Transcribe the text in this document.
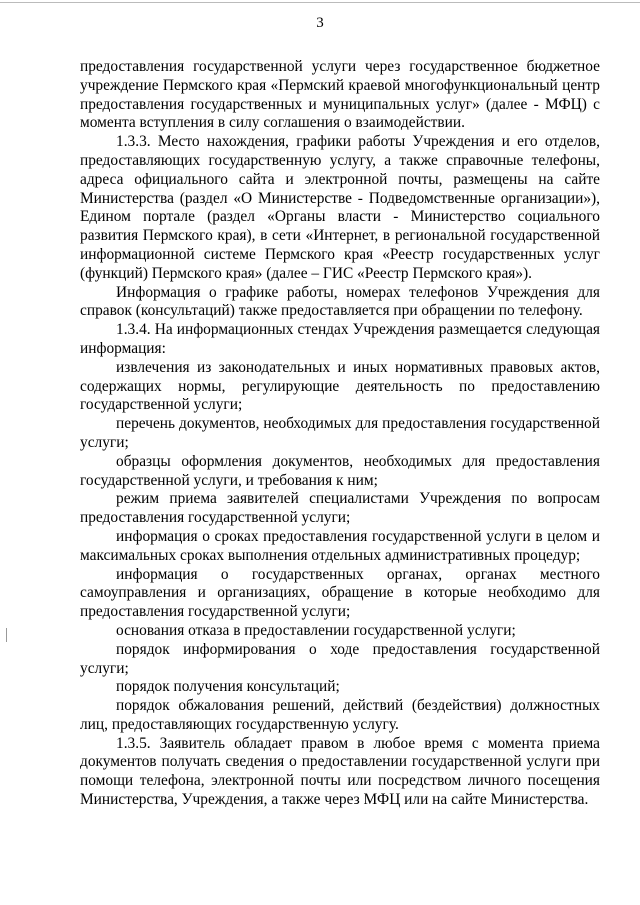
3

предоставления государственной услуги через государственное бюджетное учреждение Пермского края «Пермский краевой многофункциональный центр предоставления государственных и муниципальных услуг» (далее - МФЦ) с момента вступления в силу соглашения о взаимодействии.

1.3.3. Место нахождения, графики работы Учреждения и его отделов, предоставляющих государственную услугу, а также справочные телефоны, адреса официального сайта и электронной почты, размещены на сайте Министерства (раздел «О Министерстве - Подведомственные организации»), Едином портале (раздел «Органы власти - Министерство социального развития Пермского края), в сети «Интернет, в региональной государственной информационной системе Пермского края «Реестр государственных услуг (функций) Пермского края» (далее – ГИС «Реестр Пермского края»).

Информация о графике работы, номерах телефонов Учреждения для справок (консультаций) также предоставляется при обращении по телефону.

1.3.4. На информационных стендах Учреждения размещается следующая информация:

извлечения из законодательных и иных нормативных правовых актов, содержащих нормы, регулирующие деятельность по предоставлению государственной услуги;

перечень документов, необходимых для предоставления государственной услуги;

образцы оформления документов, необходимых для предоставления государственной услуги, и требования к ним;

режим приема заявителей специалистами Учреждения по вопросам предоставления государственной услуги;

информация о сроках предоставления государственной услуги в целом и максимальных сроках выполнения отдельных административных процедур;

информация о государственных органах, органах местного самоуправления и организациях, обращение в которые необходимо для предоставления государственной услуги;

основания отказа в предоставлении государственной услуги;

порядок информирования о ходе предоставления государственной услуги;

порядок получения консультаций;

порядок обжалования решений, действий (бездействия) должностных лиц, предоставляющих государственную услугу.

1.3.5. Заявитель обладает правом в любое время с момента приема документов получать сведения о предоставлении государственной услуги при помощи телефона, электронной почты или посредством личного посещения Министерства, Учреждения, а также через МФЦ или на сайте Министерства.
